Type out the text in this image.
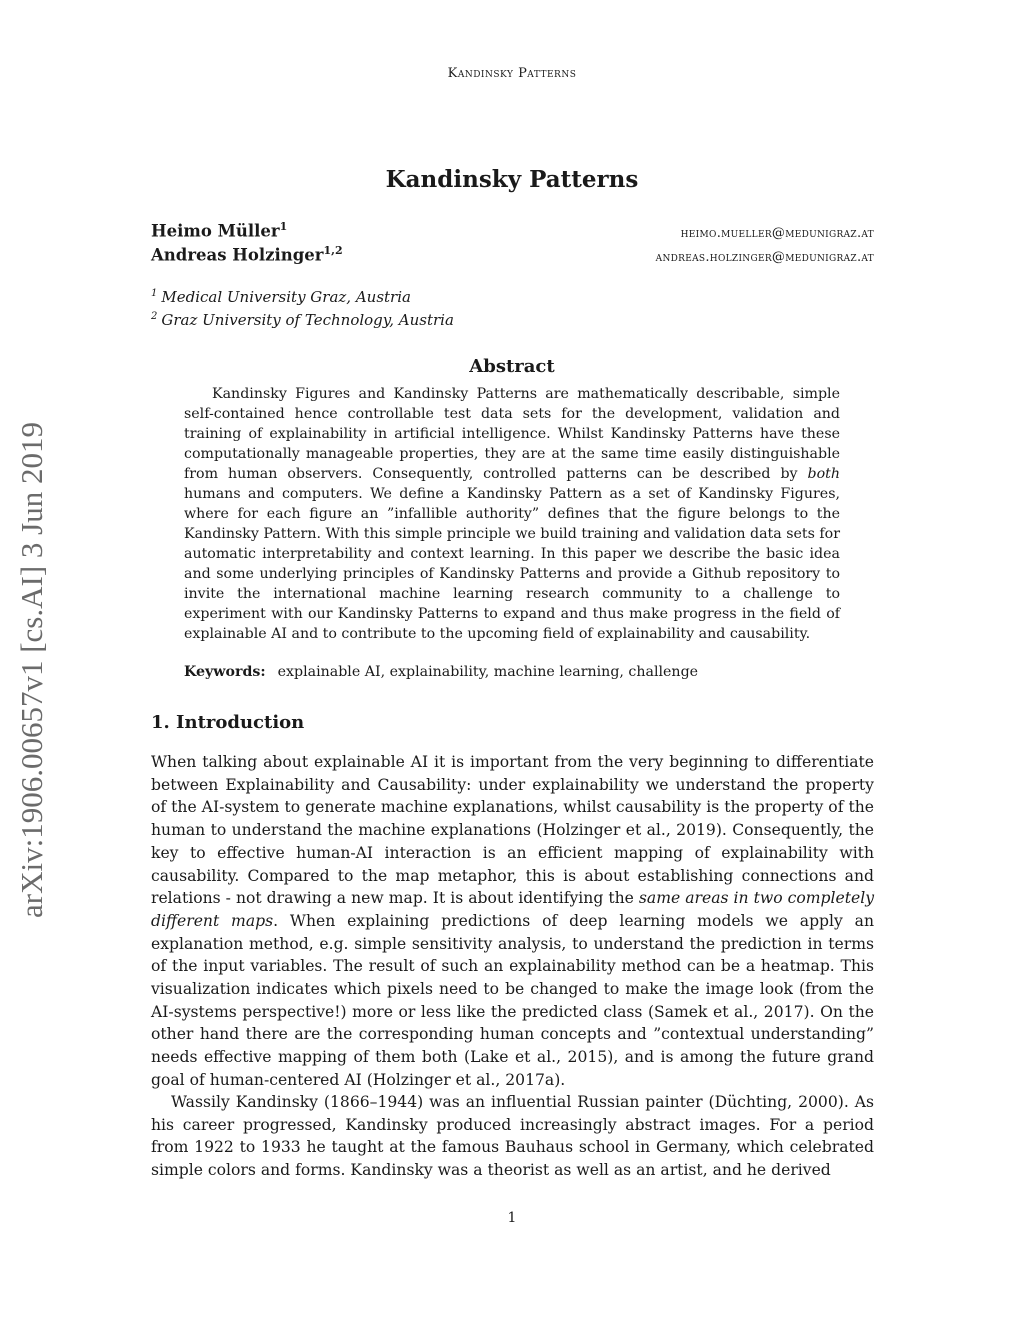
Kandinsky Patterns
arXiv:1906.00657v1 [cs.AI] 3 Jun 2019
Kandinsky Patterns
Heimo Müller$^1$	heimo.mueller@medunigraz.at
Andreas Holzinger$^{1,2}$	andreas.holzinger@medunigraz.at
$^1$ Medical University Graz, Austria
$^2$ Graz University of Technology, Austria
Abstract

Kandinsky Figures and Kandinsky Patterns are mathematically describable, simple self-contained hence controllable test data sets for the development, validation and training of explainability in artificial intelligence. Whilst Kandinsky Patterns have these computationally manageable properties, they are at the same time easily distinguishable from human observers. Consequently, controlled patterns can be described by both humans and computers. We define a Kandinsky Pattern as a set of Kandinsky Figures, where for each figure an ”infallible authority” defines that the figure belongs to the Kandinsky Pattern. With this simple principle we build training and validation data sets for automatic interpretability and context learning. In this paper we describe the basic idea and some underlying principles of Kandinsky Patterns and provide a Github repository to invite the international machine learning research community to a challenge to experiment with our Kandinsky Patterns to expand and thus make progress in the field of explainable AI and to contribute to the upcoming field of explainability and causability.

Keywords: explainable AI, explainability, machine learning, challenge
1. Introduction

When talking about explainable AI it is important from the very beginning to differentiate between Explainability and Causability: under explainability we understand the property of the AI-system to generate machine explanations, whilst causability is the property of the human to understand the machine explanations (Holzinger et al., 2019). Consequently, the key to effective human-AI interaction is an efficient mapping of explainability with causability. Compared to the map metaphor, this is about establishing connections and relations - not drawing a new map. It is about identifying the same areas in two completely different maps. When explaining predictions of deep learning models we apply an explanation method, e.g. simple sensitivity analysis, to understand the prediction in terms of the input variables. The result of such an explainability method can be a heatmap. This visualization indicates which pixels need to be changed to make the image look (from the AI-systems perspective!) more or less like the predicted class (Samek et al., 2017). On the other hand there are the corresponding human concepts and ”contextual understanding” needs effective mapping of them both (Lake et al., 2015), and is among the future grand goal of human-centered AI (Holzinger et al., 2017a).

Wassily Kandinsky (1866–1944) was an influential Russian painter (Düchting, 2000). As his career progressed, Kandinsky produced increasingly abstract images. For a period from 1922 to 1933 he taught at the famous Bauhaus school in Germany, which celebrated simple colors and forms. Kandinsky was a theorist as well as an artist, and he derived

1
